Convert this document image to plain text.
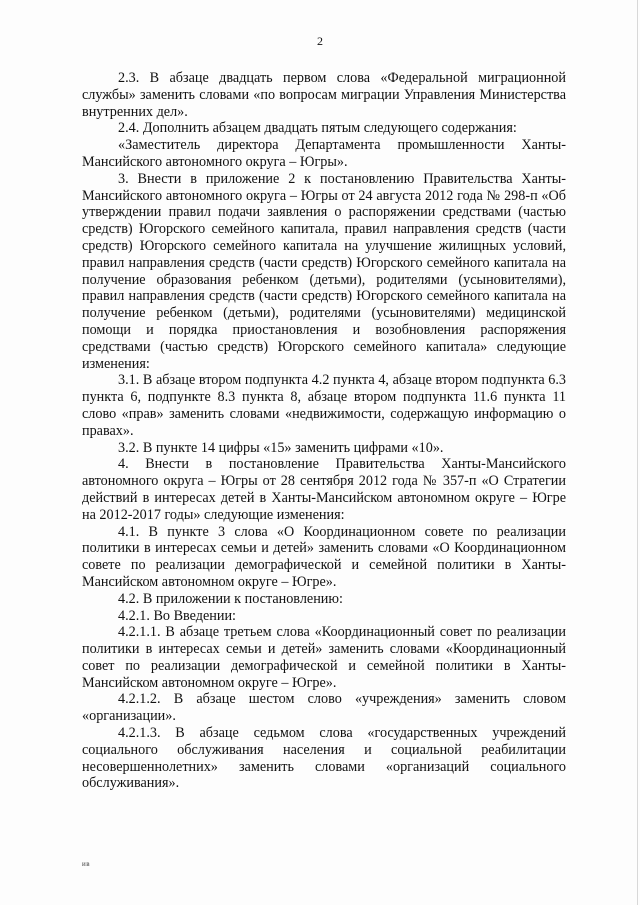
2

2.3. В абзаце двадцать первом слова «Федеральной миграционной службы» заменить словами «по вопросам миграции Управления Министерства внутренних дел».

2.4. Дополнить абзацем двадцать пятым следующего содержания:

«Заместитель директора Департамента промышленности Ханты-Мансийского автономного округа – Югры».

3. Внести в приложение 2 к постановлению Правительства Ханты-Мансийского автономного округа – Югры от 24 августа 2012 года № 298-п «Об утверждении правил подачи заявления о распоряжении средствами (частью средств) Югорского семейного капитала, правил направления средств (части средств) Югорского семейного капитала на улучшение жилищных условий, правил направления средств (части средств) Югорского семейного капитала на получение образования ребенком (детьми), родителями (усыновителями), правил направления средств (части средств) Югорского семейного капитала на получение ребенком (детьми), родителями (усыновителями) медицинской помощи и порядка приостановления и возобновления распоряжения средствами (частью средств) Югорского семейного капитала» следующие изменения:

3.1. В абзаце втором подпункта 4.2 пункта 4, абзаце втором подпункта 6.3 пункта 6, подпункте 8.3 пункта 8, абзаце втором подпункта 11.6 пункта 11 слово «прав» заменить словами «недвижимости, содержащую информацию о правах».

3.2. В пункте 14 цифры «15» заменить цифрами «10».

4. Внести в постановление Правительства Ханты-Мансийского автономного округа – Югры от 28 сентября 2012 года № 357-п «О Стратегии действий в интересах детей в Ханты-Мансийском автономном округе – Югре на 2012-2017 годы» следующие изменения:

4.1. В пункте 3 слова «О Координационном совете по реализации политики в интересах семьи и детей» заменить словами «О Координационном совете по реализации демографической и семейной политики в Ханты-Мансийском автономном округе – Югре».

4.2. В приложении к постановлению:

4.2.1. Во Введении:

4.2.1.1. В абзаце третьем слова «Координационный совет по реализации политики в интересах семьи и детей» заменить словами «Координационный совет по реализации демографической и семейной политики в Ханты-Мансийском автономном округе – Югре».

4.2.1.2. В абзаце шестом слово «учреждения» заменить словом «организации».

4.2.1.3. В абзаце седьмом слова «государственных учреждений социального обслуживания населения и социальной реабилитации несовершеннолетних» заменить словами «организаций социального обслуживания».

ив
